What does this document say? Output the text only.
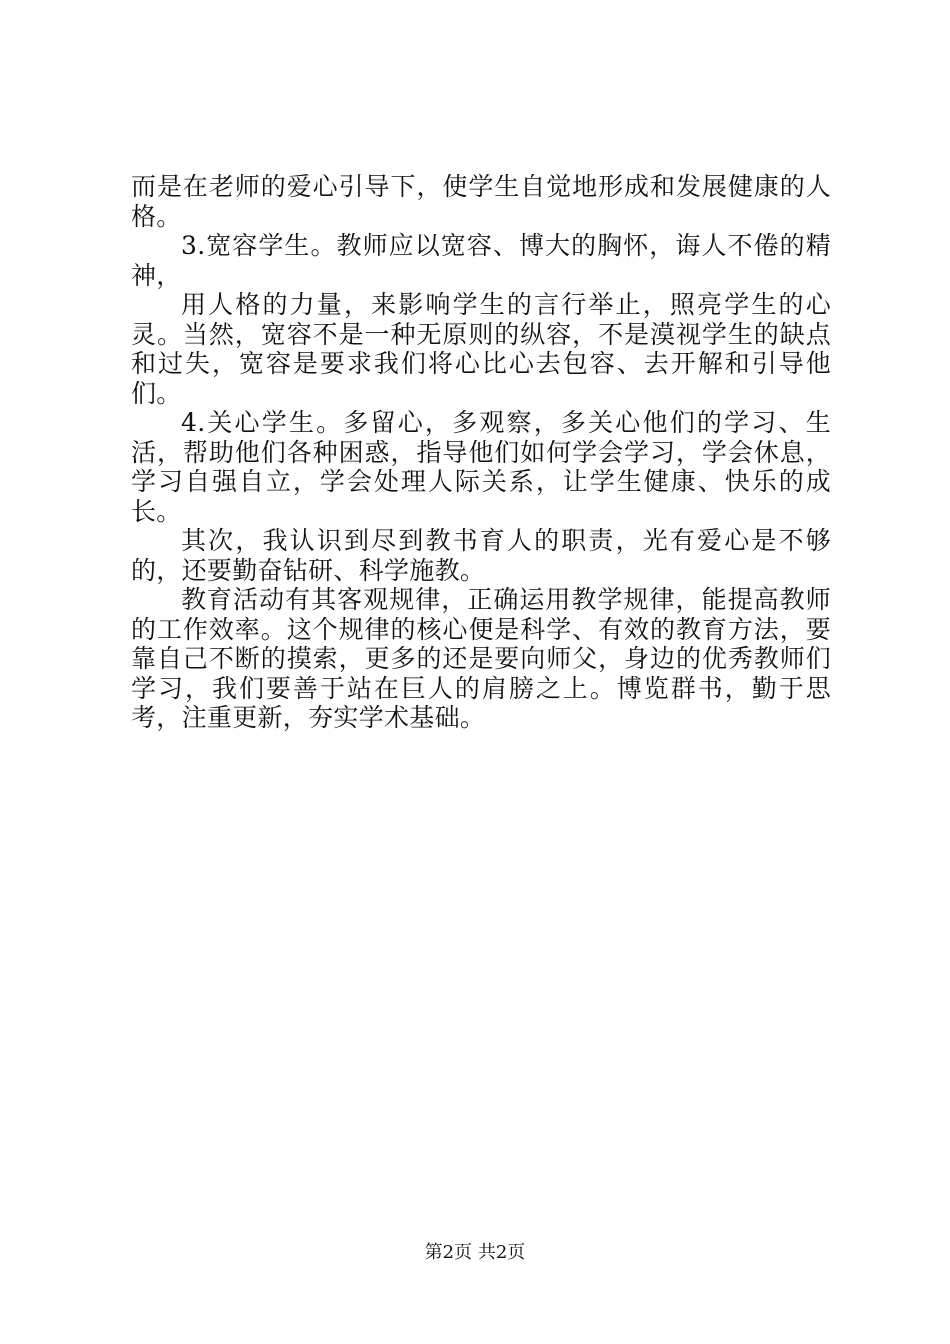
而是在老师的爱心引导下，使学生自觉地形成和发展健康的人格。

3.宽容学生。教师应以宽容、博大的胸怀，诲人不倦的精神，

用人格的力量，来影响学生的言行举止，照亮学生的心灵。当然，宽容不是一种无原则的纵容，不是漠视学生的缺点和过失，宽容是要求我们将心比心去包容、去开解和引导他们。

4.关心学生。多留心，多观察，多关心他们的学习、生活，帮助他们各种困惑，指导他们如何学会学习，学会休息，学习自强自立，学会处理人际关系，让学生健康、快乐的成长。

其次，我认识到尽到教书育人的职责，光有爱心是不够的，还要勤奋钻研、科学施教。

教育活动有其客观规律，正确运用教学规律，能提高教师的工作效率。这个规律的核心便是科学、有效的教育方法，要靠自己不断的摸索，更多的还是要向师父，身边的优秀教师们学习，我们要善于站在巨人的肩膀之上。博览群书，勤于思考，注重更新，夯实学术基础。

第2页 共2页
